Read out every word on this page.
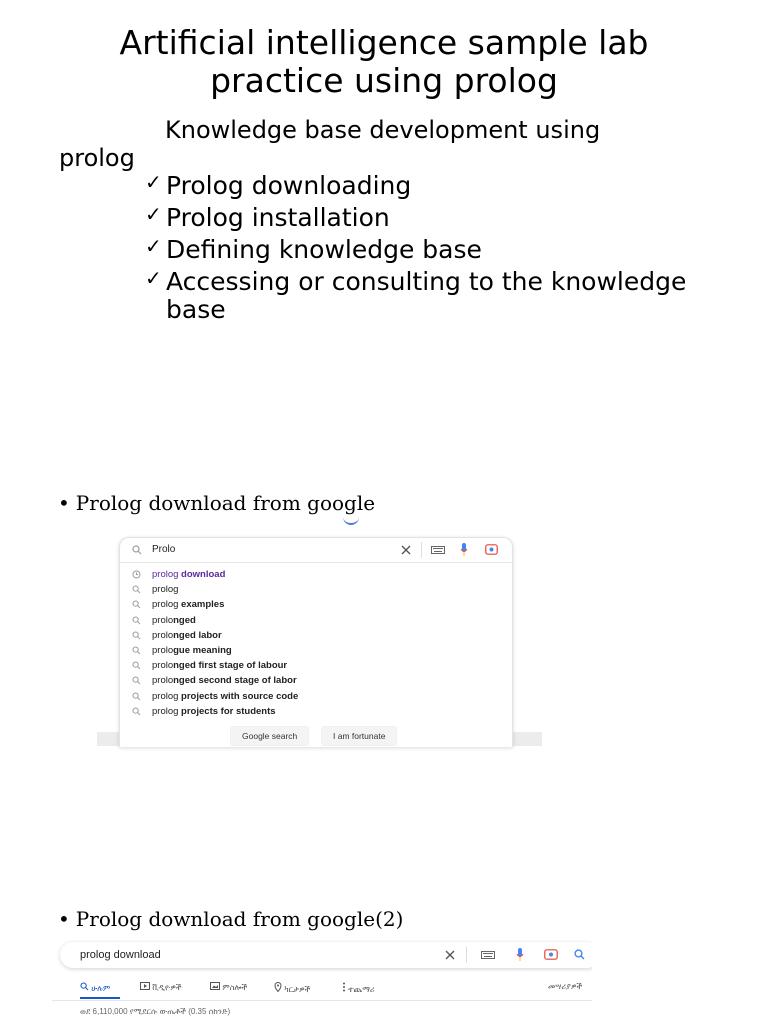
Artificial intelligence sample lab
practice using prolog
Knowledge base development using
prolog
✓ Prolog downloading
✓ Prolog installation
✓ Defining knowledge base
✓ Accessing or consulting to the knowledge base
• Prolog download from google
Prolo
prolog download
prolog
prolog examples
prolonged
prolonged labor
prologue meaning
prolonged first stage of labour
prolonged second stage of labor
prolog projects with source code
prolog projects for students
Google search	I am fortunate
• Prolog download from google(2)
prolog download
ሁሉም	ቪዲዮዎች	ምስሎች	ካርታዎች	ተጨማሪ	መሣሪያዎች
ወደ 6,110,000 የሚደርሱ ውጤቶች (0.35 ሰከንድ)
